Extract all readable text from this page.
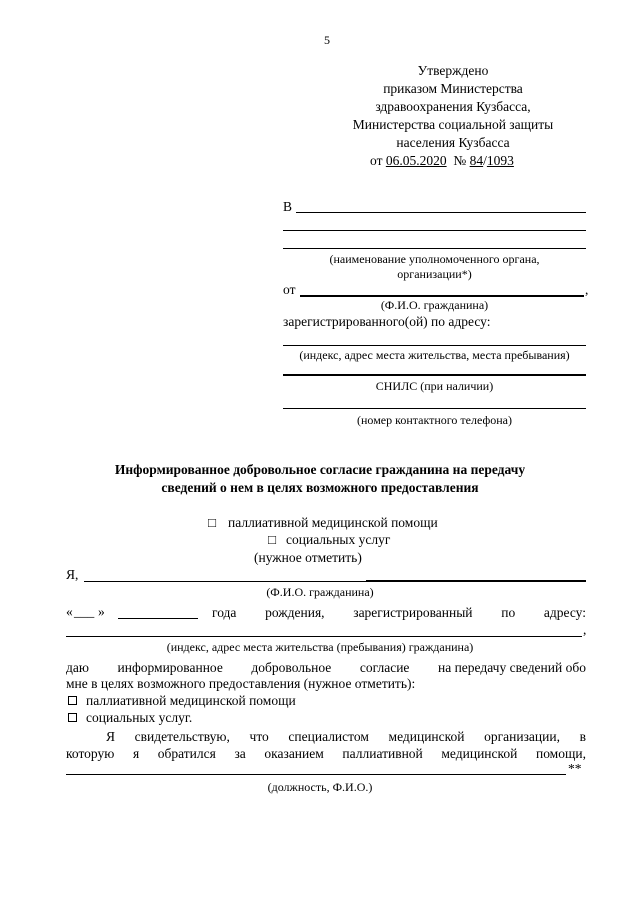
5
Утверждено
приказом Министерства
здравоохранения Кузбасса,
Министерства социальной защиты
населения Кузбасса
от 06.05.2020 № 84/1093
В
(наименование уполномоченного органа,
организации*)
от	,
(Ф.И.О. гражданина)
зарегистрированного(ой) по адресу:
(индекс, адрес места жительства, места пребывания)
СНИЛС (при наличии)
(номер контактного телефона)
Информированное добровольное согласие гражданина на передачу
сведений о нем в целях возможного предоставления
□ паллиативной медицинской помощи
□ социальных услуг
(нужное отметить)
Я,
(Ф.И.О. гражданина)
« ___ »	года рождения, зарегистрированный по адресу:
,
(индекс, адрес места жительства (пребывания) гражданина)
даю информированное добровольное согласие на передачу сведений обо
мне в целях возможного предоставления (нужное отметить):
паллиативной медицинской помощи
социальных услуг.
Я свидетельствую, что специалистом медицинской организации, в
которую я обратился за оказанием паллиативной медицинской помощи,
**
(должность, Ф.И.О.)
